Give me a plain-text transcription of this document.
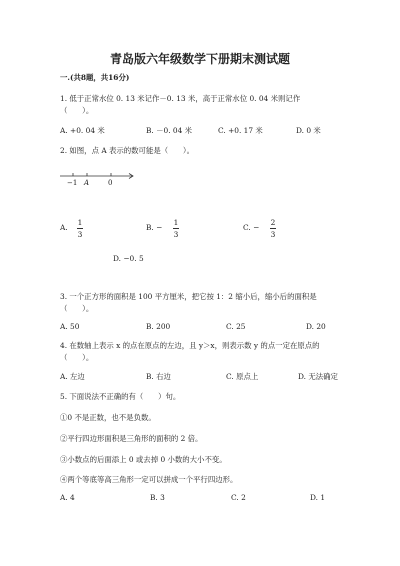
青岛版六年级数学下册期末测试题
一.(共8题，共16分)
1. 低于正常水位 0. 13 米记作－0. 13 米，高于正常水位 0. 04 米则记作
（　　）。
A. +0. 04 米	B. －0. 04 米	C. +0. 17 米	D. 0 米
2. 如图，点 A 表示的数可能是（　　）。
−1 A	0
A.
1
3
B. −
1
3
C. −
2
3
D. −0. 5
3. 一个正方形的面积是 100 平方厘米，把它按 1：2 缩小后，缩小后的面积是
（　　）。
A. 50	B. 200	C. 25	D. 20
4. 在数轴上表示 x 的点在原点的左边，且 y＞x，则表示数 y 的点一定在原点的
（　　）。
A. 左边	B. 右边	C. 原点上	D. 无法确定
5. 下面说法不正确的有（　　）句。
①0 不是正数，也不是负数。
②平行四边形面积是三角形的面积的 2 倍。
③小数点的后面添上 0 或去掉 0 小数的大小不变。
④两个等底等高三角形一定可以拼成一个平行四边形。
A. 4	B. 3	C. 2	D. 1
